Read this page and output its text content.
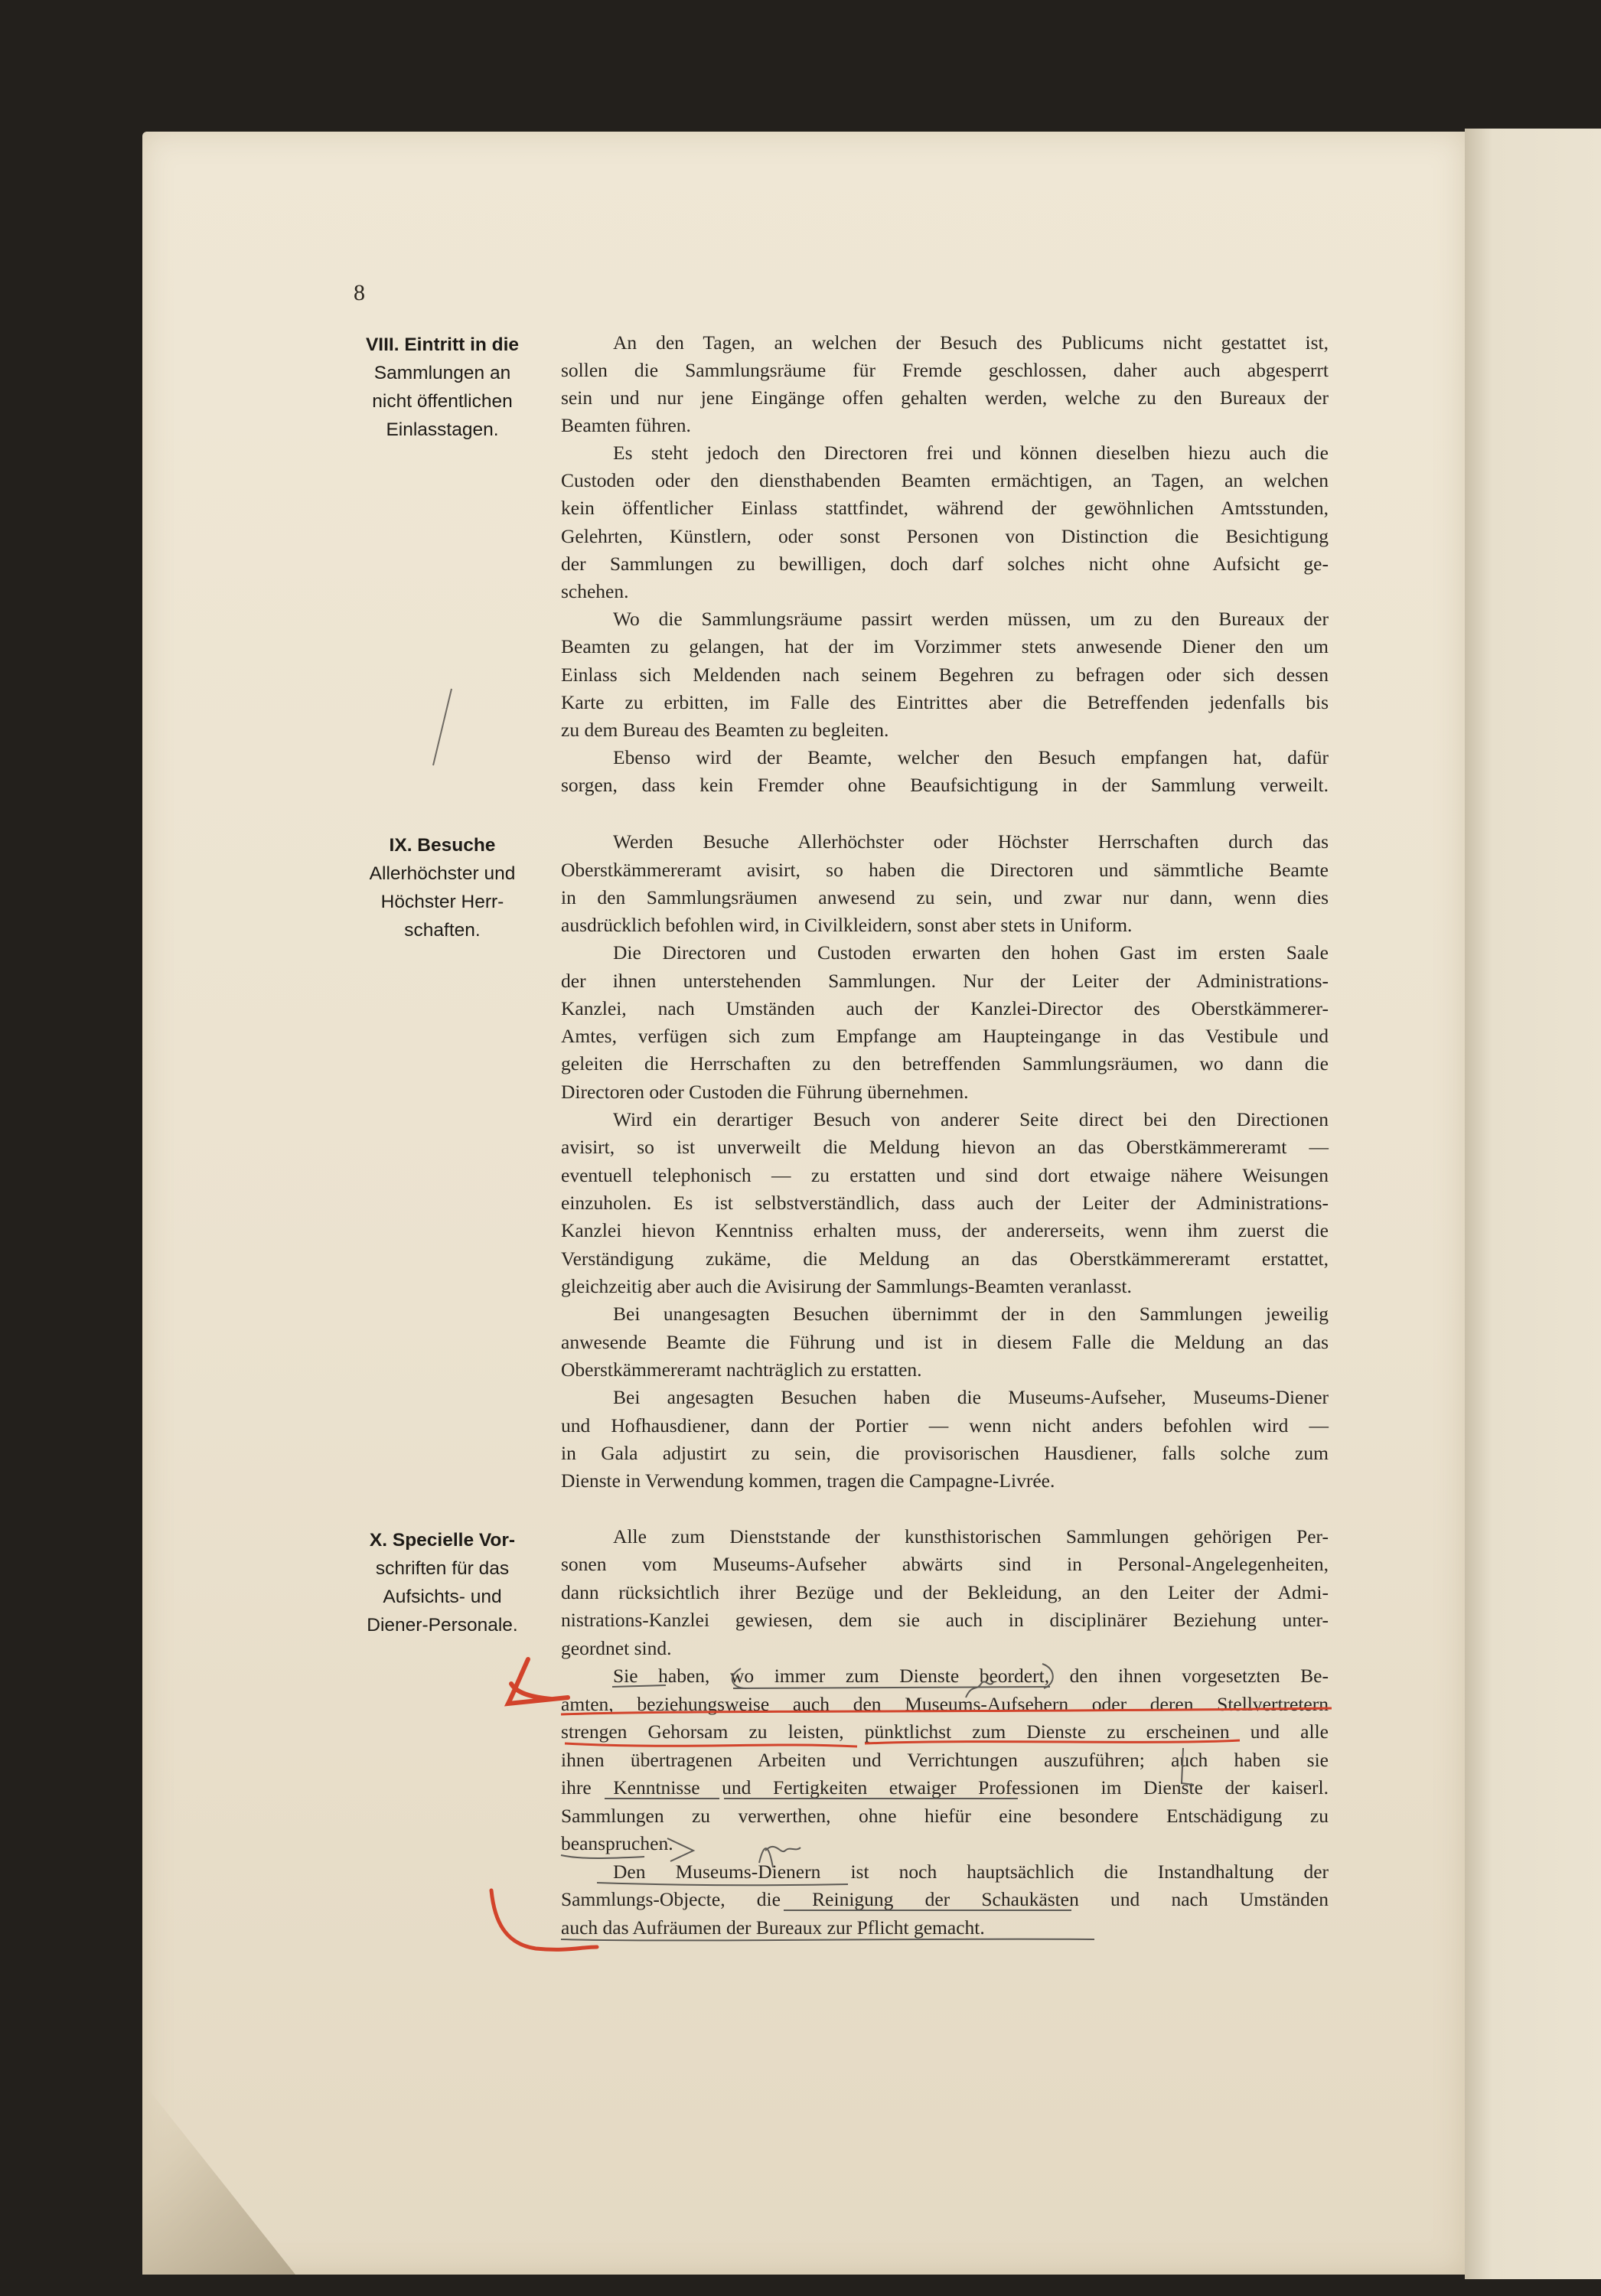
8
VIII. Eintritt in die
Sammlungen an
nicht öffentlichen
Einlasstagen.
An den Tagen, an welchen der Besuch des Publicums nicht gestattet ist,
sollen die Sammlungsräume für Fremde geschlossen, daher auch abgesperrt
sein und nur jene Eingänge offen gehalten werden, welche zu den Bureaux der
Beamten führen.
Es steht jedoch den Directoren frei und können dieselben hiezu auch die
Custoden oder den diensthabenden Beamten ermächtigen, an Tagen, an welchen
kein öffentlicher Einlass stattfindet, während der gewöhnlichen Amtsstunden,
Gelehrten, Künstlern, oder sonst Personen von Distinction die Besichtigung
der Sammlungen zu bewilligen, doch darf solches nicht ohne Aufsicht ge-
schehen.
Wo die Sammlungsräume passirt werden müssen, um zu den Bureaux der
Beamten zu gelangen, hat der im Vorzimmer stets anwesende Diener den um
Einlass sich Meldenden nach seinem Begehren zu befragen oder sich dessen
Karte zu erbitten, im Falle des Eintrittes aber die Betreffenden jedenfalls bis
zu dem Bureau des Beamten zu begleiten.
Ebenso wird der Beamte, welcher den Besuch empfangen hat, dafür
sorgen, dass kein Fremder ohne Beaufsichtigung in der Sammlung verweilt.
IX. Besuche
Allerhöchster und
Höchster Herr-
schaften.
Werden Besuche Allerhöchster oder Höchster Herrschaften durch das
Oberstkämmereramt avisirt, so haben die Directoren und sämmtliche Beamte
in den Sammlungsräumen anwesend zu sein, und zwar nur dann, wenn dies
ausdrücklich befohlen wird, in Civilkleidern, sonst aber stets in Uniform.
Die Directoren und Custoden erwarten den hohen Gast im ersten Saale
der ihnen unterstehenden Sammlungen. Nur der Leiter der Administrations-
Kanzlei, nach Umständen auch der Kanzlei-Director des Oberstkämmerer-
Amtes, verfügen sich zum Empfange am Haupteingange in das Vestibule und
geleiten die Herrschaften zu den betreffenden Sammlungsräumen, wo dann die
Directoren oder Custoden die Führung übernehmen.
Wird ein derartiger Besuch von anderer Seite direct bei den Directionen
avisirt, so ist unverweilt die Meldung hievon an das Oberstkämmereramt —
eventuell telephonisch — zu erstatten und sind dort etwaige nähere Weisungen
einzuholen. Es ist selbstverständlich, dass auch der Leiter der Administrations-
Kanzlei hievon Kenntniss erhalten muss, der andererseits, wenn ihm zuerst die
Verständigung zukäme, die Meldung an das Oberstkämmereramt erstattet,
gleichzeitig aber auch die Avisirung der Sammlungs-Beamten veranlasst.
Bei unangesagten Besuchen übernimmt der in den Sammlungen jeweilig
anwesende Beamte die Führung und ist in diesem Falle die Meldung an das
Oberstkämmereramt nachträglich zu erstatten.
Bei angesagten Besuchen haben die Museums-Aufseher, Museums-Diener
und Hofhausdiener, dann der Portier — wenn nicht anders befohlen wird —
in Gala adjustirt zu sein, die provisorischen Hausdiener, falls solche zum
Dienste in Verwendung kommen, tragen die Campagne-Livrée.
X. Specielle Vor-
schriften für das
Aufsichts- und
Diener-Personale.
Alle zum Dienststande der kunsthistorischen Sammlungen gehörigen Per-
sonen vom Museums-Aufseher abwärts sind in Personal-Angelegenheiten,
dann rücksichtlich ihrer Bezüge und der Bekleidung, an den Leiter der Admi-
nistrations-Kanzlei gewiesen, dem sie auch in disciplinärer Beziehung unter-
geordnet sind.
Sie haben, wo immer zum Dienste beordert, den ihnen vorgesetzten Be-
amten, beziehungsweise auch den Museums-Aufsehern oder deren Stellvertretern
strengen Gehorsam zu leisten, pünktlichst zum Dienste zu erscheinen und alle
ihnen übertragenen Arbeiten und Verrichtungen auszuführen; auch haben sie
ihre Kenntnisse und Fertigkeiten etwaiger Professionen im Dienste der kaiserl.
Sammlungen zu verwerthen, ohne hiefür eine besondere Entschädigung zu
beanspruchen.
Den Museums-Dienern ist noch hauptsächlich die Instandhaltung der
Sammlungs-Objecte, die Reinigung der Schaukästen und nach Umständen
auch das Aufräumen der Bureaux zur Pflicht gemacht.
